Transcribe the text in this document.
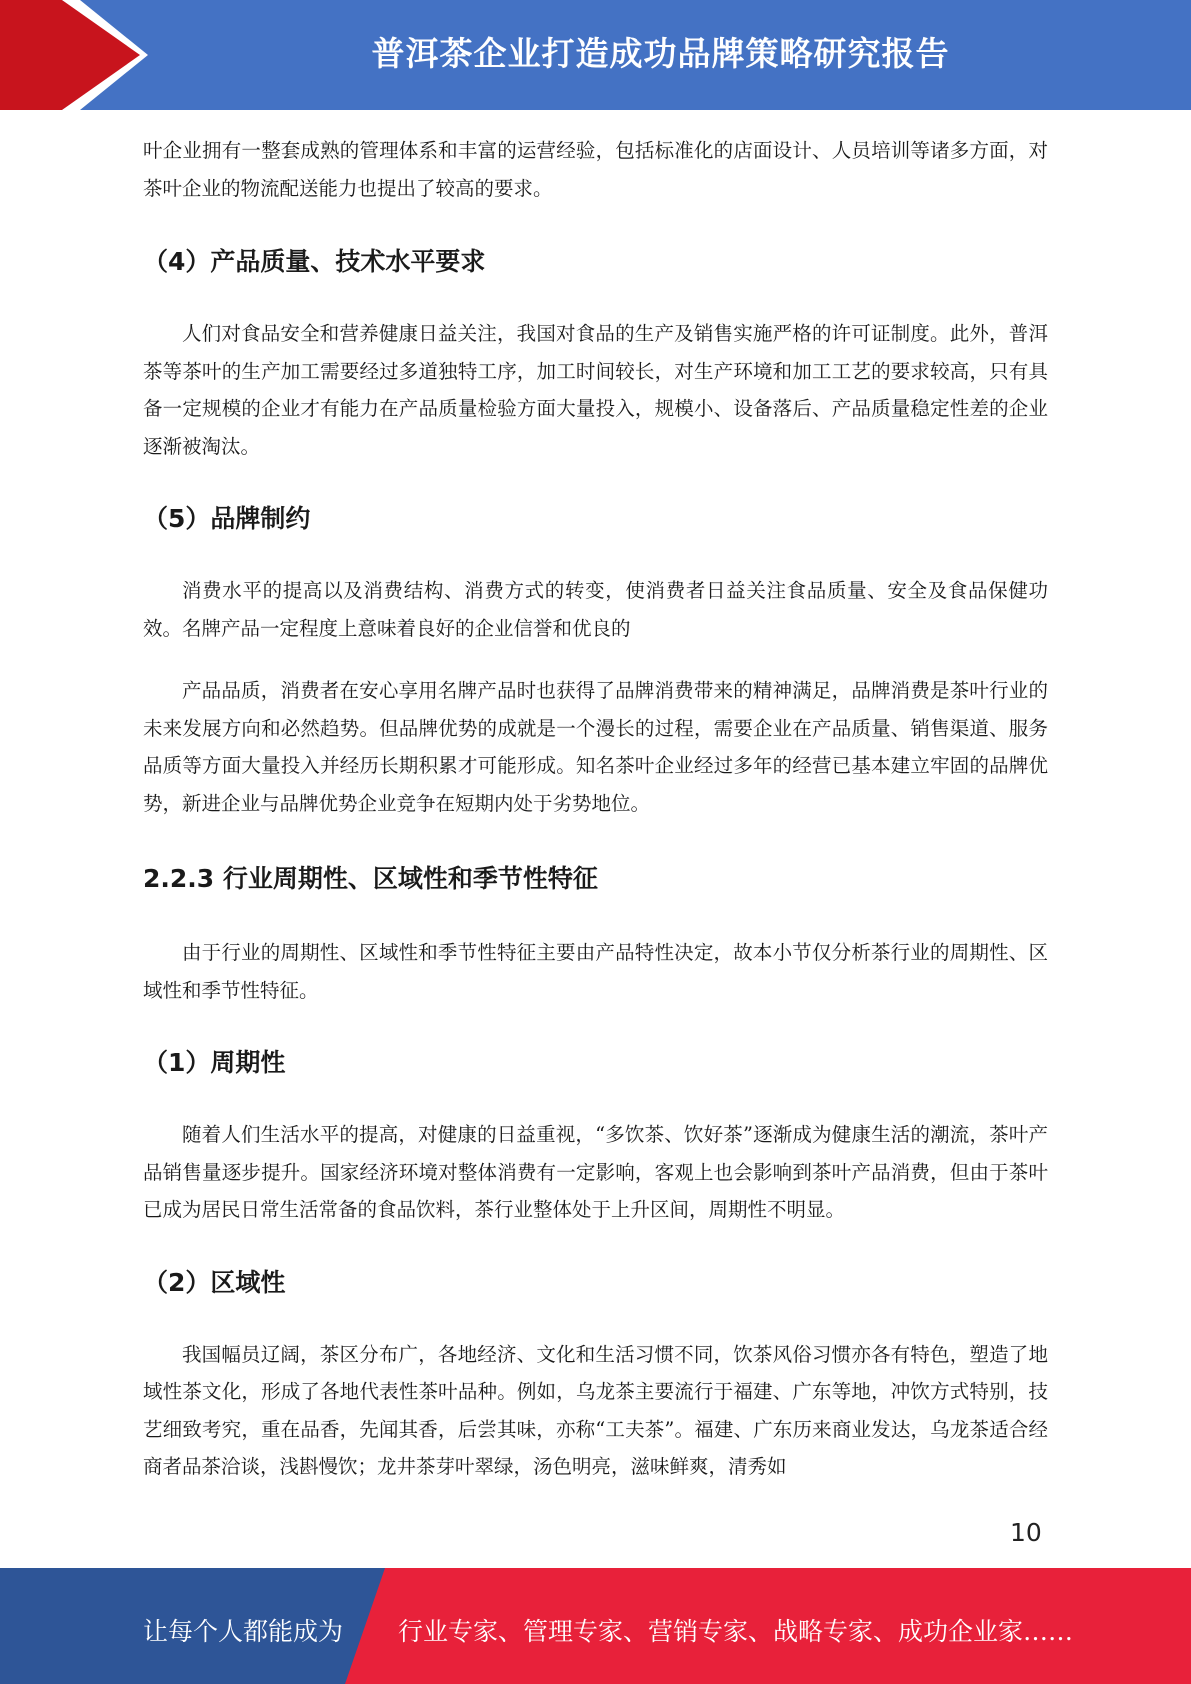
普洱茶企业打造成功品牌策略研究报告

叶企业拥有一整套成熟的管理体系和丰富的运营经验，包括标准化的店面设计、人员培训等诸多方面，对茶叶企业的物流配送能力也提出了较高的要求。

（4）产品质量、技术水平要求

人们对食品安全和营养健康日益关注，我国对食品的生产及销售实施严格的许可证制度。此外，普洱茶等茶叶的生产加工需要经过多道独特工序，加工时间较长，对生产环境和加工工艺的要求较高，只有具备一定规模的企业才有能力在产品质量检验方面大量投入，规模小、设备落后、产品质量稳定性差的企业逐渐被淘汰。

（5）品牌制约

消费水平的提高以及消费结构、消费方式的转变，使消费者日益关注食品质量、安全及食品保健功效。名牌产品一定程度上意味着良好的企业信誉和优良的

产品品质，消费者在安心享用名牌产品时也获得了品牌消费带来的精神满足，品牌消费是茶叶行业的未来发展方向和必然趋势。但品牌优势的成就是一个漫长的过程，需要企业在产品质量、销售渠道、服务品质等方面大量投入并经历长期积累才可能形成。知名茶叶企业经过多年的经营已基本建立牢固的品牌优势，新进企业与品牌优势企业竞争在短期内处于劣势地位。

2.2.3 行业周期性、区域性和季节性特征

由于行业的周期性、区域性和季节性特征主要由产品特性决定，故本小节仅分析茶行业的周期性、区域性和季节性特征。

（1）周期性

随着人们生活水平的提高，对健康的日益重视，“多饮茶、饮好茶”逐渐成为健康生活的潮流，茶叶产品销售量逐步提升。国家经济环境对整体消费有一定影响，客观上也会影响到茶叶产品消费，但由于茶叶已成为居民日常生活常备的食品饮料，茶行业整体处于上升区间，周期性不明显。

（2）区域性

我国幅员辽阔，茶区分布广，各地经济、文化和生活习惯不同，饮茶风俗习惯亦各有特色，塑造了地域性茶文化，形成了各地代表性茶叶品种。例如，乌龙茶主要流行于福建、广东等地，冲饮方式特别，技艺细致考究，重在品香，先闻其香，后尝其味，亦称“工夫茶”。福建、广东历来商业发达，乌龙茶适合经商者品茶洽谈，浅斟慢饮；龙井茶芽叶翠绿，汤色明亮，滋味鲜爽，清秀如

10
让每个人都能成为 行业专家、管理专家、营销专家、战略专家、成功企业家……
